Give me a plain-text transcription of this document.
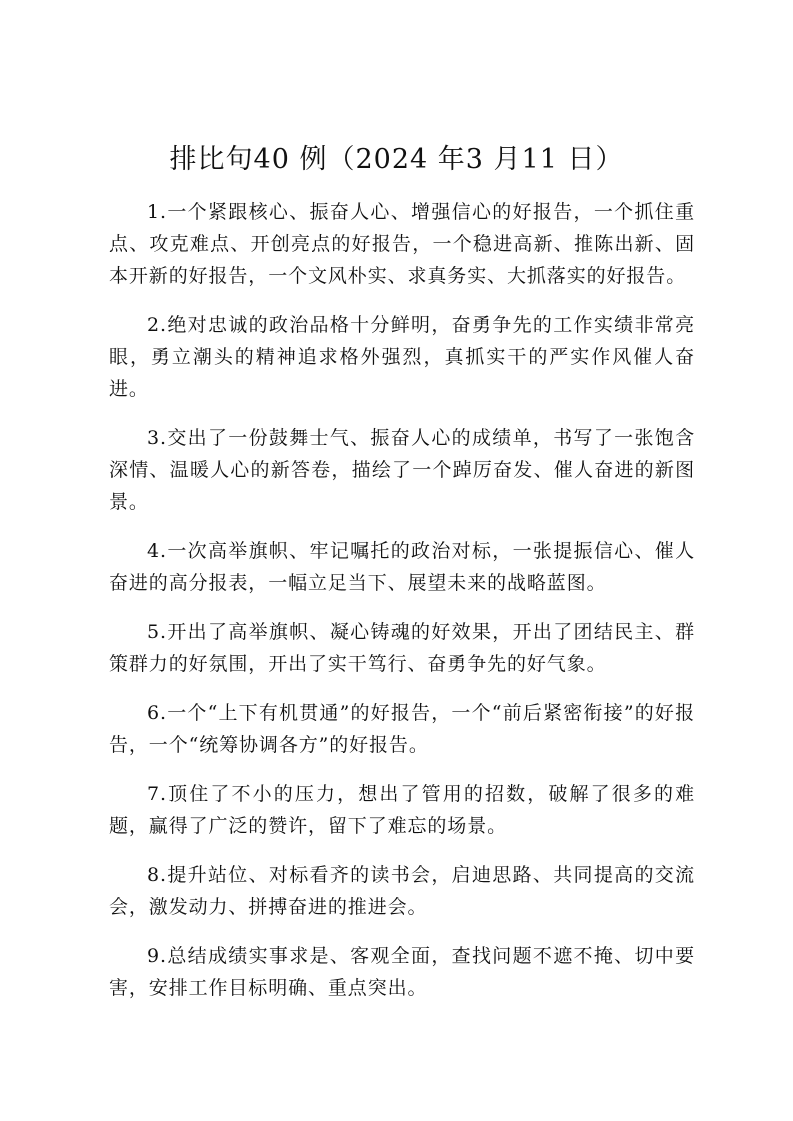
排比句40 例（2024 年3 月11 日）

1.一个紧跟核心、振奋人心、增强信心的好报告，一个抓住重点、攻克难点、开创亮点的好报告，一个稳进高新、推陈出新、固本开新的好报告，一个文风朴实、求真务实、大抓落实的好报告。

2.绝对忠诚的政治品格十分鲜明，奋勇争先的工作实绩非常亮眼，勇立潮头的精神追求格外强烈，真抓实干的严实作风催人奋进。

3.交出了一份鼓舞士气、振奋人心的成绩单，书写了一张饱含深情、温暖人心的新答卷，描绘了一个踔厉奋发、催人奋进的新图景。

4.一次高举旗帜、牢记嘱托的政治对标，一张提振信心、催人奋进的高分报表，一幅立足当下、展望未来的战略蓝图。

5.开出了高举旗帜、凝心铸魂的好效果，开出了团结民主、群策群力的好氛围，开出了实干笃行、奋勇争先的好气象。

6.一个“上下有机贯通”的好报告，一个“前后紧密衔接”的好报告，一个“统筹协调各方”的好报告。

7.顶住了不小的压力，想出了管用的招数，破解了很多的难题，赢得了广泛的赞许，留下了难忘的场景。

8.提升站位、对标看齐的读书会，启迪思路、共同提高的交流会，激发动力、拼搏奋进的推进会。

9.总结成绩实事求是、客观全面，查找问题不遮不掩、切中要害，安排工作目标明确、重点突出。
